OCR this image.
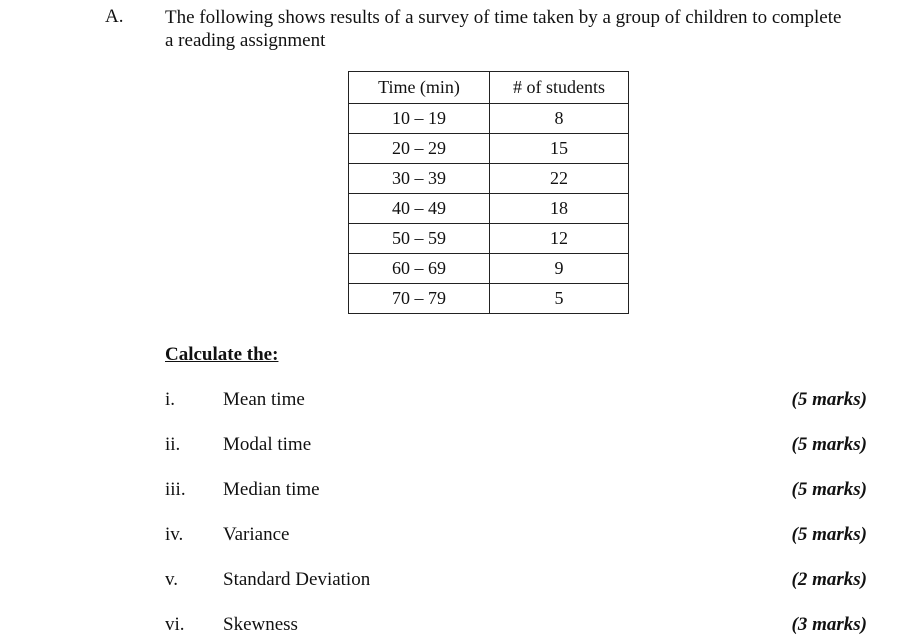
A. The following shows results of a survey of time taken by a group of children to complete
a reading assignment
Time (min)	# of students
10 – 19	8
20 – 29	15
30 – 39	22
40 – 49	18
50 – 59	12
60 – 69	9
70 – 79	5
Calculate the:
i.	Mean time	(5 marks)
ii. Modal time	(5 marks)
iii. Median time	(5 marks)
iv. Variance	(5 marks)
v. Standard Deviation	(2 marks)
vi. Skewness	(3 marks)
